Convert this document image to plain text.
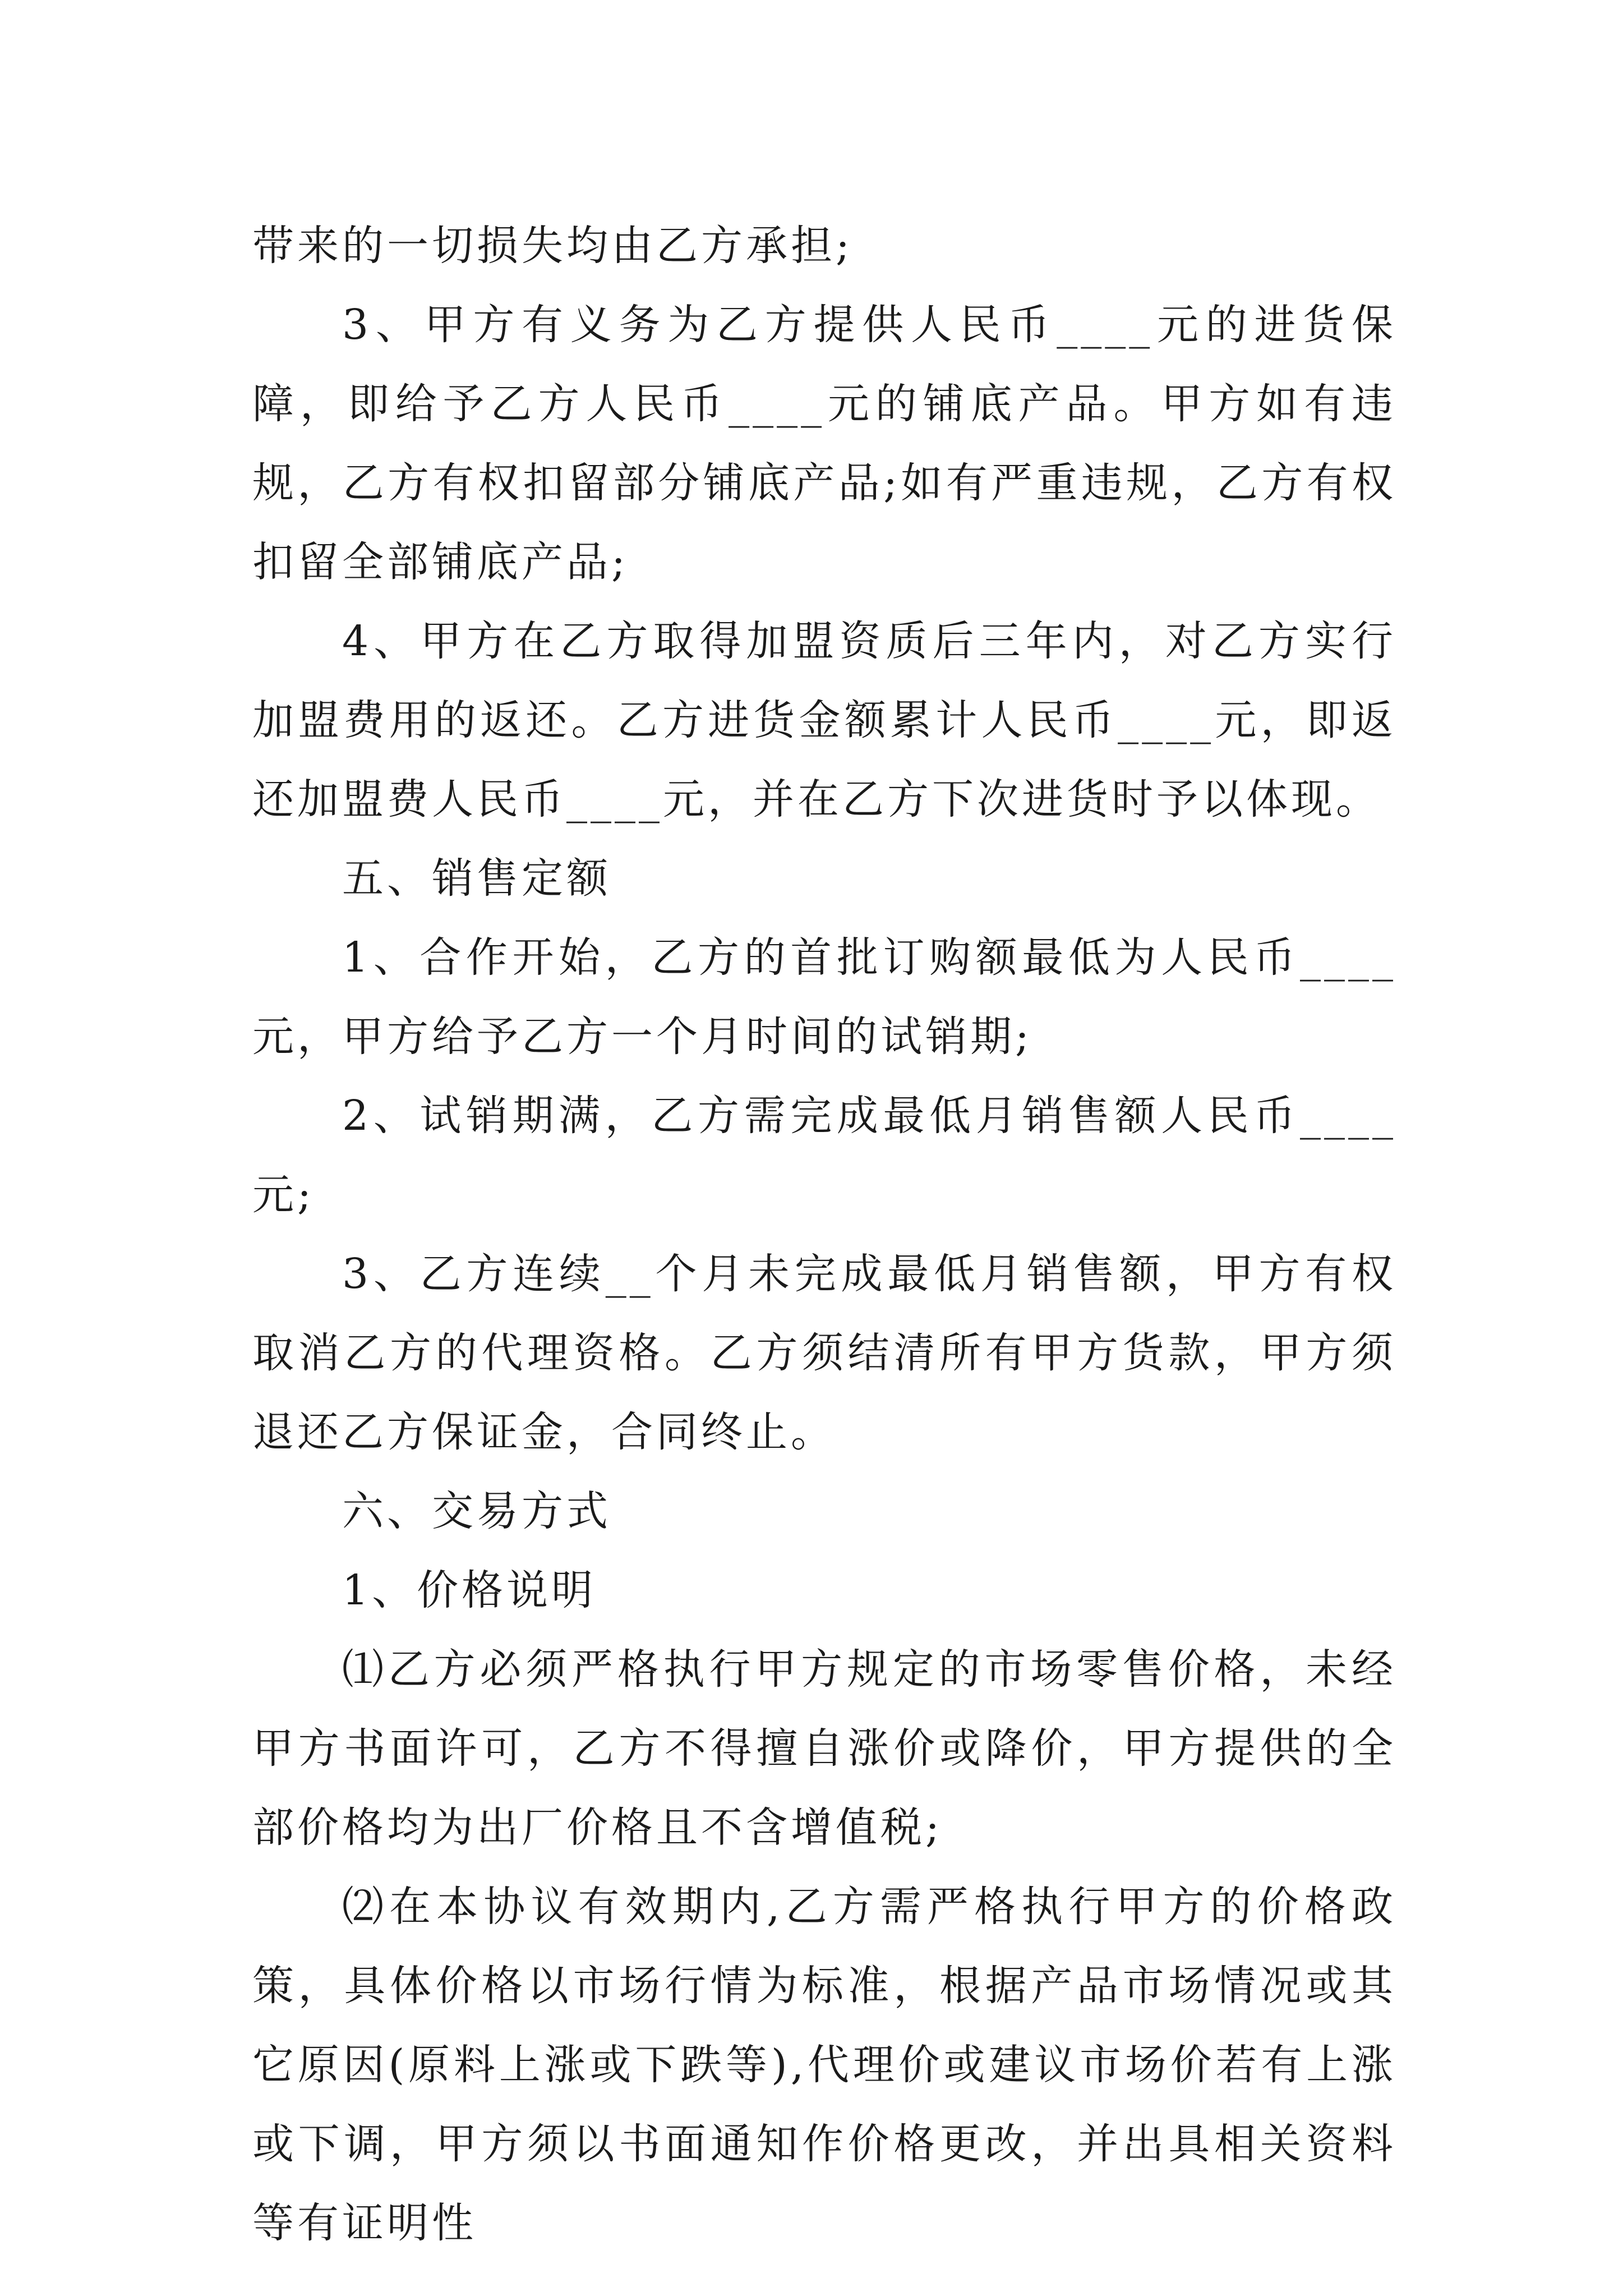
带来的一切损失均由乙方承担;

3、甲方有义务为乙方提供人民币____元的进货保障，即给予乙方人民币____元的铺底产品。甲方如有违规，乙方有权扣留部分铺底产品;如有严重违规，乙方有权扣留全部铺底产品;

4、甲方在乙方取得加盟资质后三年内，对乙方实行加盟费用的返还。乙方进货金额累计人民币____元，即返还加盟费人民币____元，并在乙方下次进货时予以体现。

五、销售定额

1、合作开始，乙方的首批订购额最低为人民币____元，甲方给予乙方一个月时间的试销期;

2、试销期满，乙方需完成最低月销售额人民币____元;

3、乙方连续__个月未完成最低月销售额，甲方有权取消乙方的代理资格。乙方须结清所有甲方货款，甲方须退还乙方保证金，合同终止。

六、交易方式

1、价格说明

⑴乙方必须严格执行甲方规定的市场零售价格，未经甲方书面许可，乙方不得擅自涨价或降价，甲方提供的全部价格均为出厂价格且不含增值税;

⑵在本协议有效期内,乙方需严格执行甲方的价格政策，具体价格以市场行情为标准，根据产品市场情况或其它原因(原料上涨或下跌等),代理价或建议市场价若有上涨或下调，甲方须以书面通知作价格更改，并出具相关资料等有证明性
